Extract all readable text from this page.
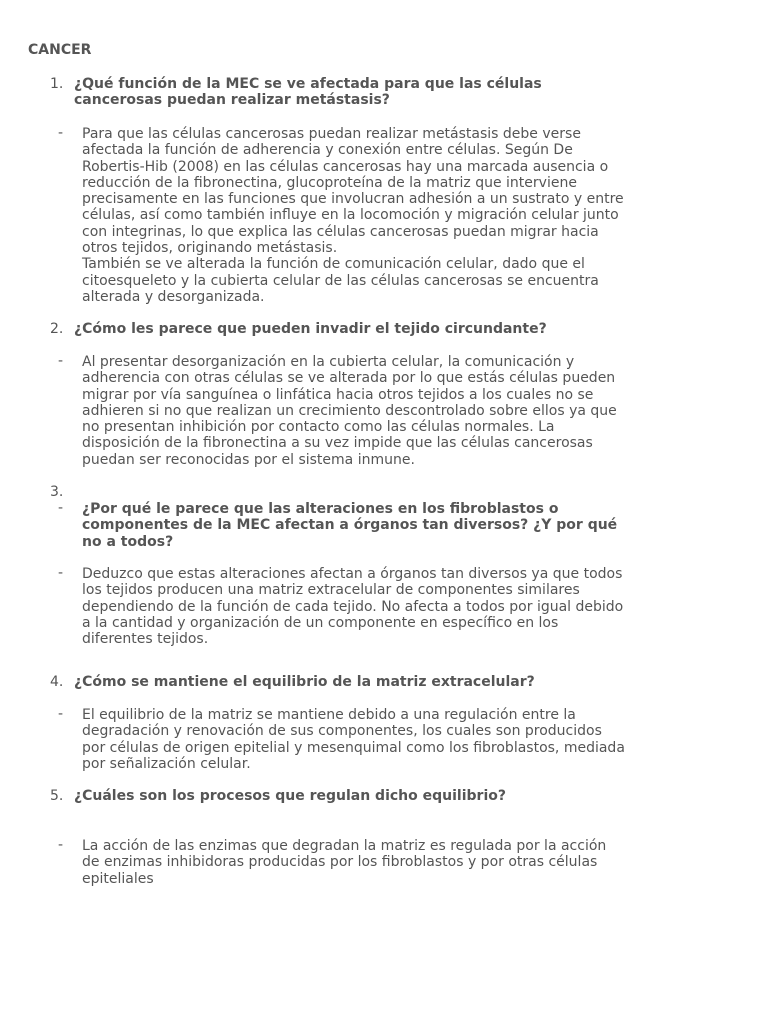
CANCER
1. ¿Qué función de la MEC se ve afectada para que las células
cancerosas puedan realizar metástasis?
- Para que las células cancerosas puedan realizar metástasis debe verse
afectada la función de adherencia y conexión entre células. Según De
Robertis-Hib (2008) en las células cancerosas hay una marcada ausencia o
reducción de la fibronectina, glucoproteína de la matriz que interviene
precisamente en las funciones que involucran adhesión a un sustrato y entre
células, así como también influye en la locomoción y migración celular junto
con integrinas, lo que explica las células cancerosas puedan migrar hacia
otros tejidos, originando metástasis.
También se ve alterada la función de comunicación celular, dado que el
citoesqueleto y la cubierta celular de las células cancerosas se encuentra
alterada y desorganizada.
2. ¿Cómo les parece que pueden invadir el tejido circundante?
- Al presentar desorganización en la cubierta celular, la comunicación y
adherencia con otras células se ve alterada por lo que estás células pueden
migrar por vía sanguínea o linfática hacia otros tejidos a los cuales no se
adhieren si no que realizan un crecimiento descontrolado sobre ellos ya que
no presentan inhibición por contacto como las células normales. La
disposición de la fibronectina a su vez impide que las células cancerosas
puedan ser reconocidas por el sistema inmune.
3.
- ¿Por qué le parece que las alteraciones en los fibroblastos o
componentes de la MEC afectan a órganos tan diversos? ¿Y por qué
no a todos?
- Deduzco que estas alteraciones afectan a órganos tan diversos ya que todos
los tejidos producen una matriz extracelular de componentes similares
dependiendo de la función de cada tejido. No afecta a todos por igual debido
a la cantidad y organización de un componente en específico en los
diferentes tejidos.
4. ¿Cómo se mantiene el equilibrio de la matriz extracelular?
- El equilibrio de la matriz se mantiene debido a una regulación entre la
degradación y renovación de sus componentes, los cuales son producidos
por células de origen epitelial y mesenquimal como los fibroblastos, mediada
por señalización celular.
5. ¿Cuáles son los procesos que regulan dicho equilibrio?
- La acción de las enzimas que degradan la matriz es regulada por la acción
de enzimas inhibidoras producidas por los fibroblastos y por otras células
epiteliales
